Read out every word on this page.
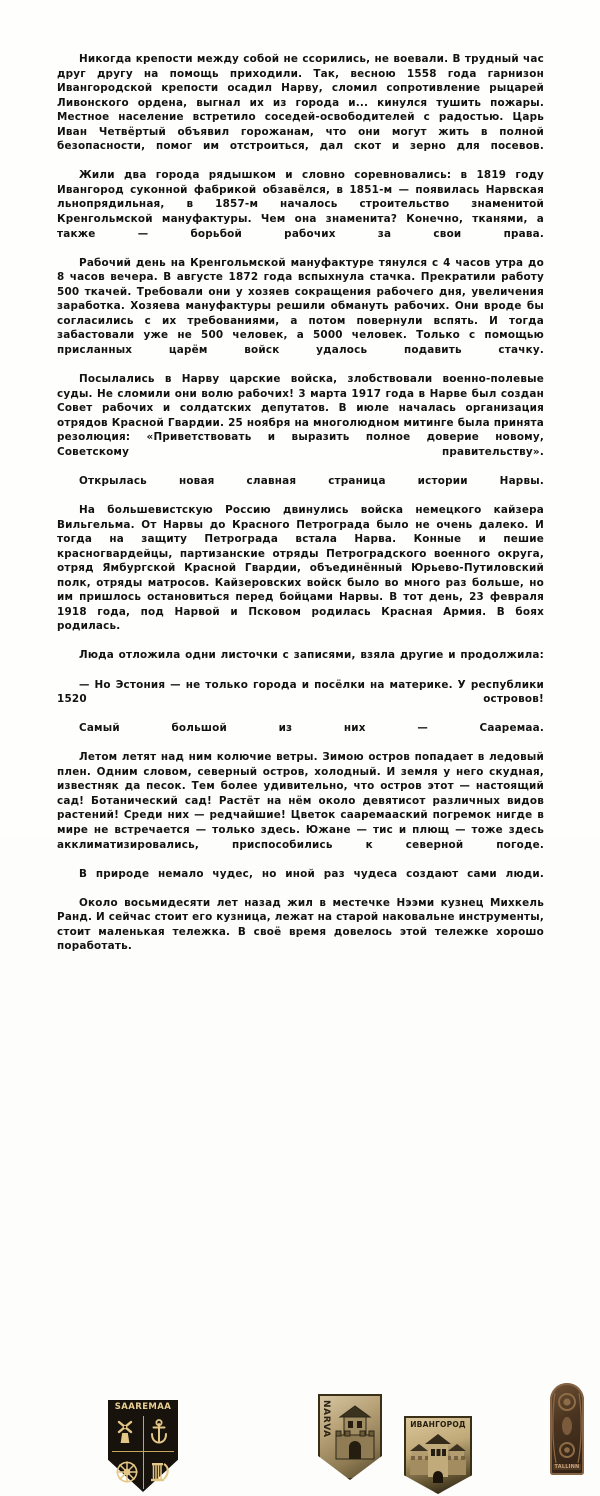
Никогда крепости между собой не ссорились, не воевали. В трудный час друг другу на помощь приходили. Так, весною 1558 года гарнизон Ивангородской крепости осадил Нарву, сломил сопротивление рыцарей Ливонского ордена, выгнал их из города и... кинулся тушить пожары. Местное население встретило соседей-освободителей с радостью. Царь Иван Четвёртый объявил горожанам, что они могут жить в полной безопасности, помог им отстроиться, дал скот и зерно для посевов.

Жили два города рядышком и словно соревновались: в 1819 году Ивангород суконной фабрикой обзавёлся, в 1851-м — появилась Нарвская льнопрядильная, в 1857-м началось строительство знаменитой Кренгольмской мануфактуры. Чем она знаменита? Конечно, тканями, а также — борьбой рабочих за свои права.

Рабочий день на Кренгольмской мануфактуре тянулся с 4 часов утра до 8 часов вечера. В августе 1872 года вспыхнула стачка. Прекратили работу 500 ткачей. Требовали они у хозяев сокращения рабочего дня, увеличения заработка. Хозяева мануфактуры решили обмануть рабочих. Они вроде бы согласились с их требованиями, а потом повернули вспять. И тогда забастовали уже не 500 человек, а 5000 человек. Только с помощью присланных царём войск удалось подавить стачку.

Посылались в Нарву царские войска, злобствовали военно-полевые суды. Не сломили они волю рабочих! 3 марта 1917 года в Нарве был создан Совет рабочих и солдатских депутатов. В июле началась организация отрядов Красной Гвардии. 25 ноября на многолюдном митинге была принята резолюция: «Приветствовать и выразить полное доверие новому, Советскому правительству».

Открылась новая славная страница истории Нарвы.

На большевистскую Россию двинулись войска немецкого кайзера Вильгельма. От Нарвы до Красного Петрограда было не очень далеко. И тогда на защиту Петрограда встала Нарва. Конные и пешие красногвардейцы, партизанские отряды Петроградского военного округа, отряд Ямбургской Красной Гвардии, объединённый Юрьево-Путиловский полк, отряды матросов. Кайзеровских войск было во много раз больше, но им пришлось остановиться перед бойцами Нарвы. В тот день, 23 февраля 1918 года, под Нарвой и Псковом родилась Красная Армия. В боях родилась.

Люда отложила одни листочки с записями, взяла другие и продолжила:

— Но Эстония — не только города и посёлки на материке. У республики 1520 островов!

Самый большой из них — Сааремаа.

Летом летят над ним колючие ветры. Зимою остров попадает в ледовый плен. Одним словом, северный остров, холодный. И земля у него скудная, известняк да песок. Тем более удивительно, что остров этот — настоящий сад! Ботанический сад! Растёт на нём около девятисот различных видов растений! Среди них — редчайшие! Цветок сааремааский погремок нигде в мире не встречается — только здесь. Южане — тис и плющ — тоже здесь акклиматизировались, приспособились к северной погоде.

В природе немало чудес, но иной раз чудеса создают сами люди.

Около восьмидесяти лет назад жил в местечке Нээми кузнец Михкель Ранд. И сейчас стоит его кузница, лежат на старой наковальне инструменты, стоит маленькая тележка. В своё время довелось этой тележке хорошо поработать.

SAAREMAA	NARVA	ИВАНГОРОД
TALLINN
